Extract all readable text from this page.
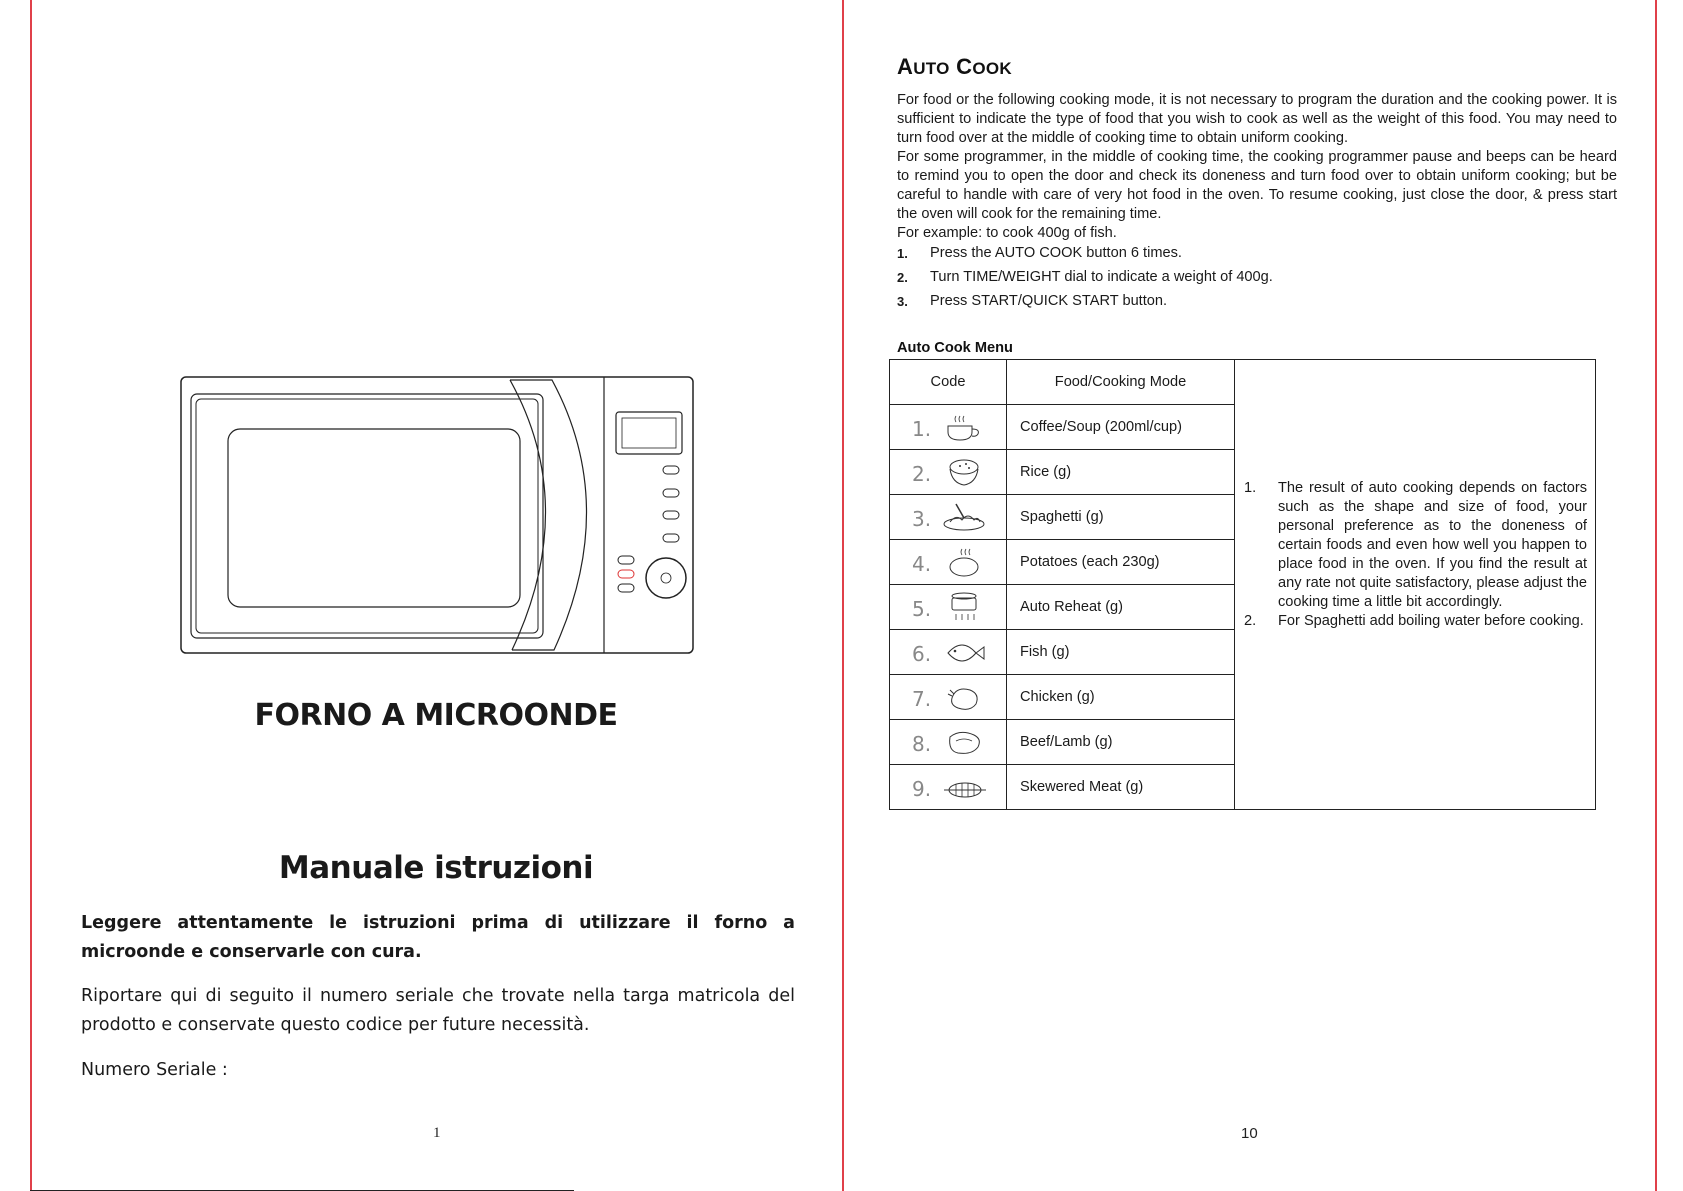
FORNO A MICROONDE
Manuale istruzioni

Leggere attentamente le istruzioni prima di utilizzare il forno a microonde e conservarle con cura.

Riportare qui di seguito il numero seriale che trovate nella targa matricola del prodotto e conservate questo codice per future necessità.

Numero Seriale :

1
AUTO COOK

For food or the following cooking mode, it is not necessary to program the duration and the cooking power. It is sufficient to indicate the type of food that you wish to cook as well as the weight of this food. You may need to turn food over at the middle of cooking time to obtain uniform cooking.

For some programmer, in the middle of cooking time, the cooking programmer pause and beeps can be heard to remind you to open the door and check its doneness and turn food over to obtain uniform cooking; but be careful to handle with care of very hot food in the oven. To resume cooking, just close the door, & press start the oven will cook for the remaining time.

For example: to cook 400g of fish.

1. Press the AUTO COOK button 6 times.
2. Turn TIME/WEIGHT dial to indicate a weight of 400g.
3. Press START/QUICK START button.
Auto Cook Menu
Code	Food/Cooking Mode	1. The result of auto cooking depends on factors such as the shape and size of food, your personal preference as to the doneness of certain foods and even how well you happen to place food in the oven. If you find the result at any rate not quite satisfactory, please adjust the cooking time a little bit accordingly.
2. For Spaghetti add boiling water before cooking.

1.	Coffee/Soup (200ml/cup)	

2.	Rice (g)	

3.	Spaghetti (g)	

4.	Potatoes (each 230g)	

5.	Auto Reheat (g)	

6.	Fish (g)	

7.	Chicken (g)	

8.	Beef/Lamb (g)	

9.	Skewered Meat (g)	
10
